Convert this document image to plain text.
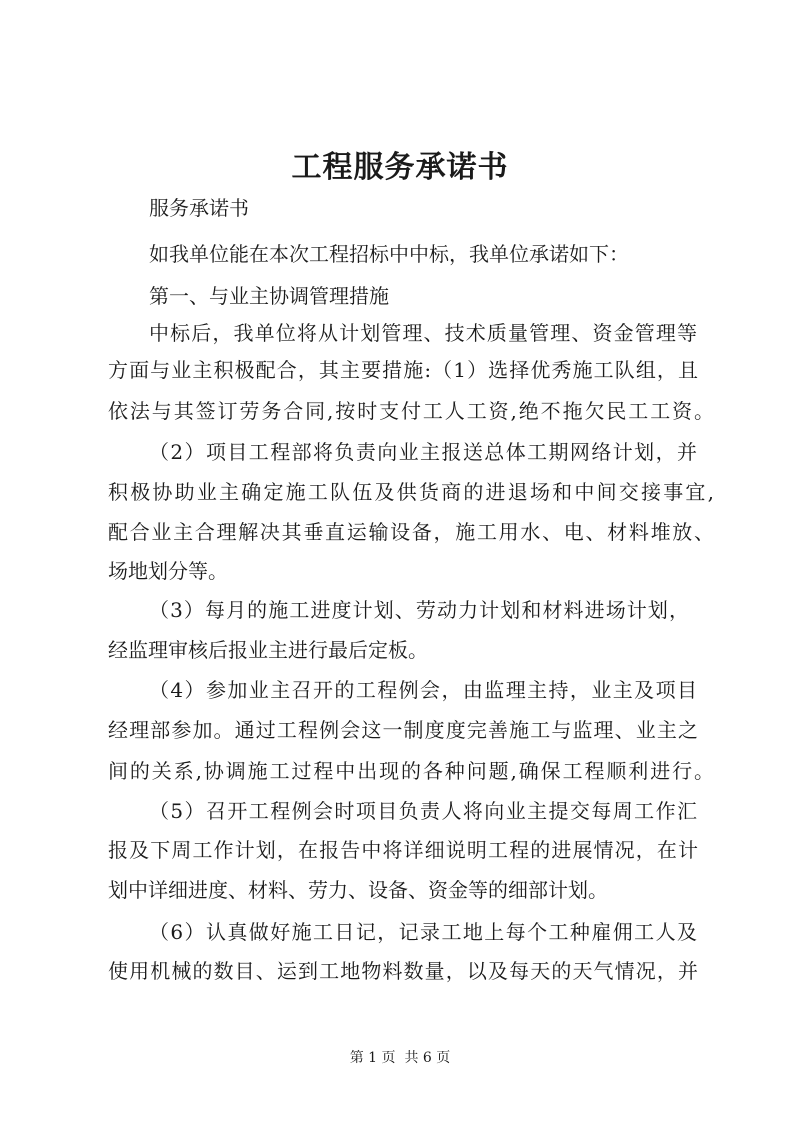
工程服务承诺书

服务承诺书

如我单位能在本次工程招标中中标，我单位承诺如下：

第一、与业主协调管理措施

中标后，我单位将从计划管理、技术质量管理、资金管理等

方面与业主积极配合，其主要措施:（1）选择优秀施工队组，且

依法与其签订劳务合同,按时支付工人工资,绝不拖欠民工工资。

（2）项目工程部将负责向业主报送总体工期网络计划，并

积极协助业主确定施工队伍及供货商的进退场和中间交接事宜,

配合业主合理解决其垂直运输设备，施工用水、电、材料堆放、

场地划分等。

（3）每月的施工进度计划、劳动力计划和材料进场计划，

经监理审核后报业主进行最后定板。

（4）参加业主召开的工程例会，由监理主持，业主及项目

经理部参加。通过工程例会这一制度度完善施工与监理、业主之

间的关系,协调施工过程中出现的各种问题,确保工程顺利进行。

（5）召开工程例会时项目负责人将向业主提交每周工作汇

报及下周工作计划，在报告中将详细说明工程的进展情况，在计

划中详细进度、材料、劳力、设备、资金等的细部计划。

（6）认真做好施工日记，记录工地上每个工种雇佣工人及

使用机械的数目、运到工地物料数量，以及每天的天气情况，并

第 1 页  共 6 页
